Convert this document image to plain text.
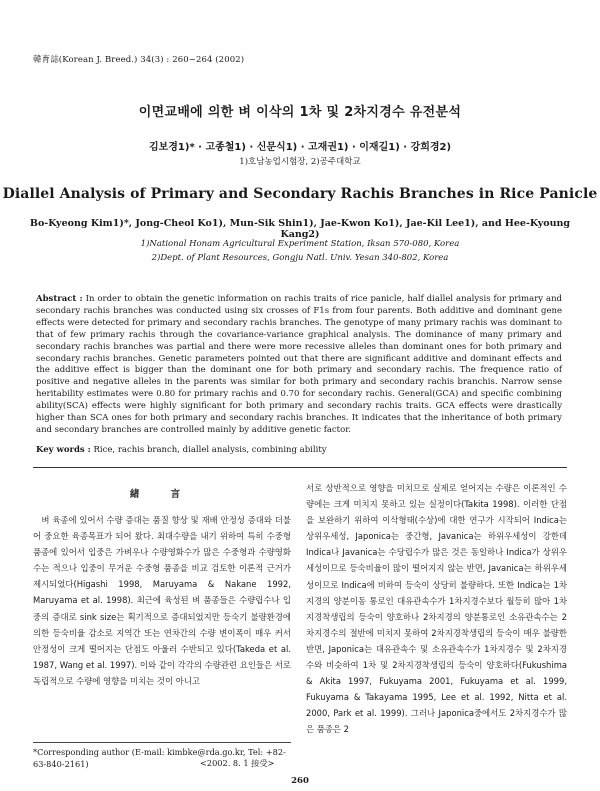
韓育誌(Korean J. Breed.) 34(3) : 260~264 (2002)
이면교배에 의한 벼 이삭의 1차 및 2차지경수 유전분석
김보경1)* · 고종철1) · 신문식1) · 고재권1) · 이재길1) · 강희경2)
1)호남농업시험장, 2)공주대학교
Diallel Analysis of Primary and Secondary Rachis Branches in Rice Panicle
Bo-Kyeong Kim1)*, Jong-Cheol Ko1), Mun-Sik Shin1), Jae-Kwon Ko1), Jae-Kil Lee1), and Hee-Kyoung Kang2)
1)National Honam Agricultural Experiment Station, Iksan 570-080, Korea
2)Dept. of Plant Resources, Gongju Natl. Univ. Yesan 340-802, Korea
Abstract : In order to obtain the genetic information on rachis traits of rice panicle, half diallel analysis for primary and secondary rachis branches was conducted using six crosses of F1s from four parents. Both additive and dominant gene effects were detected for primary and secondary rachis branches. The genotype of many primary rachis was dominant to that of few primary rachis through the covariance-variance graphical analysis. The dominance of many primary and secondary rachis branches was partial and there were more recessive alleles than dominant ones for both primary and secondary rachis branches. Genetic parameters pointed out that there are significant additive and dominant effects and the additive effect is bigger than the dominant one for both primary and secondary rachis. The frequence ratio of positive and negative alleles in the parents was similar for both primary and secondary rachis branchis. Narrow sense heritability estimates were 0.80 for primary rachis and 0.70 for secondary rachis. General(GCA) and specific combining ability(SCA) effects were highly significant for both primary and secondary rachis traits. GCA effects were drastically higher than SCA ones for both primary and secondary rachis branches. It indicates that the inheritance of both primary and secondary branches are controlled mainly by additive genetic factor.
Key words : Rice, rachis branch, diallel analysis, combining ability
緒 言

벼 육종에 있어서 수량 증대는 품질 향상 및 재배 안정성 증대와 더불어 중요한 육종목표가 되어 왔다. 최대수량을 내기 위하여 특히 수중형 품종에 있어서 입중은 가벼우나 수량영화수가 많은 수중형과 수량영화수는 적으나 입중이 무거운 수중형 품종을 비교 검토한 이론적 근거가 제시되었다(Higashi 1998, Maruyama & Nakane 1992, Maruyama et al. 1998). 최근에 육성된 벼 품종들은 수량립수나 입중의 증대로 sink size는 획기적으로 증대되었지만 등숙기 불량환경에 의한 등숙비율 감소로 지역간 또는 연차간의 수량 변이폭이 매우 커서 안정성이 크게 떨어지는 단점도 아울러 수반되고 있다(Takeda et al. 1987, Wang et al. 1997). 이와 같이 각각의 수량관련 요인들은 서로 독립적으로 수량에 영향을 미치는 것이 아니고

서로 상반적으로 영향을 미치므로 실제로 얻어지는 수량은 이론적인 수량에는 크게 미치지 못하고 있는 실정이다(Takita 1998). 이러한 단점을 보완하기 위하여 이삭형태(수상)에 대한 연구가 시작되어 Indica는 상위우세성, Japonica는 중간형, Javanica는 하위우세성이 강한데 Indica나 Javanica는 수당립수가 많은 것은 동일하나 Indica가 상위우세성이므로 등숙비율이 많이 떨어지지 않는 반면, Javanica는 하위우세성이므로 Indica에 비하여 등숙이 상당히 불량하다. 또한 Indica는 1차지경의 양분이동 통로인 대유관속수가 1차지경수보다 월등히 많아 1차지경착생립의 등숙이 양호하나 2차지경의 양분통로인 소유관속수는 2차지경수의 절반에 미치지 못하여 2차지경착생립의 등숙이 매우 불량한 반면, Japonica는 대유관속수 및 소유관속수가 1차지경수 및 2차지경수와 비슷하여 1차 및 2차지경착생립의 등숙이 양호하다(Fukushima & Akita 1997, Fukuyama 2001, Fukuyama et al. 1999, Fukuyama & Takayama 1995, Lee et al. 1992, Nitta et al. 2000, Park et al. 1999). 그러나 Japonica중에서도 2차지경수가 많은 품종은 2

*Corresponding author (E-mail: kimbke@rda.go.kr, Tel: +82-63-840-2161)	<2002. 8. 1 接受>
260
